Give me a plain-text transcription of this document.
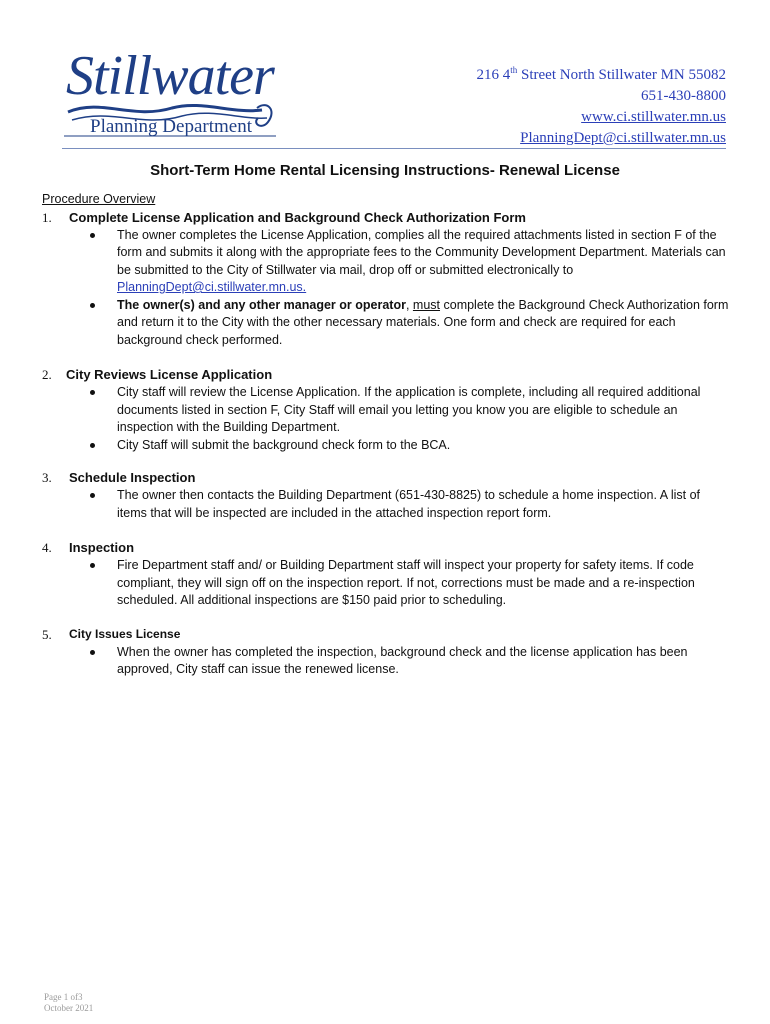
Stillwater
Planning Department
216 4th Street North Stillwater MN 55082
651-430-8800
www.ci.stillwater.mn.us
PlanningDept@ci.stillwater.mn.us
Short-Term Home Rental Licensing Instructions- Renewal License
Procedure Overview
1. Complete License Application and Background Check Authorization Form
The owner completes the License Application, complies all the required attachments listed in section F of the form and submits it along with the appropriate fees to the Community Development Department. Materials can be submitted to the City of Stillwater via mail, drop off or submitted electronically to PlanningDept@ci.stillwater.mn.us.
The owner(s) and any other manager or operator, must complete the Background Check Authorization form and return it to the City with the other necessary materials. One form and check are required for each background check performed.
2. City Reviews License Application
City staff will review the License Application. If the application is complete, including all required additional documents listed in section F, City Staff will email you letting you know you are eligible to schedule an inspection with the Building Department.
City Staff will submit the background check form to the BCA.
3. Schedule Inspection
The owner then contacts the Building Department (651-430-8825) to schedule a home inspection. A list of items that will be inspected are included in the attached inspection report form.
4. Inspection
Fire Department staff and/ or Building Department staff will inspect your property for safety items. If code compliant, they will sign off on the inspection report. If not, corrections must be made and a re-inspection scheduled. All additional inspections are $150 paid prior to scheduling.
5. City Issues License
When the owner has completed the inspection, background check and the license application has been approved, City staff can issue the renewed license.
Page 1 of3
October 2021
